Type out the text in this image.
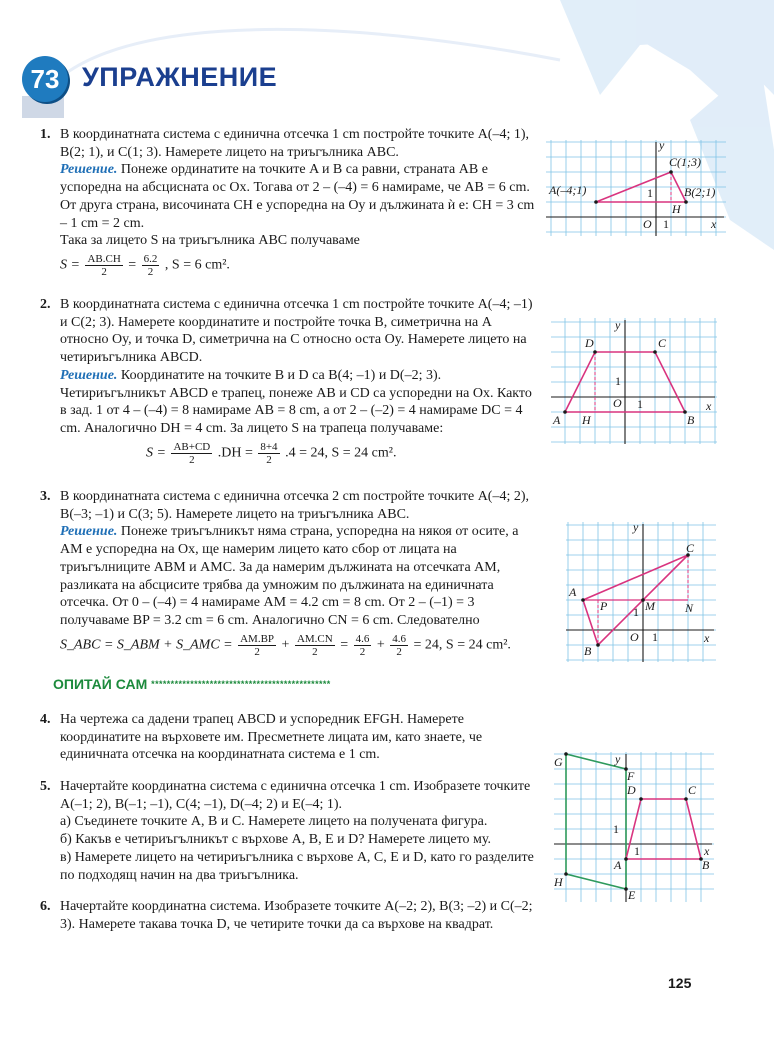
73 УПРАЖНЕНИЕ
1. В координатната система с единична отсечка 1 cm постройте точките A(–4; 1), B(2; 1), и C(1; 3). Намерете лицето на триъгълника ABC.

Решение. Понеже ординатите на точките A и B са равни, страната AB е успоредна на абсцисната ос Ox. Тогава от 2 – (–4) = 6 намираме, че AB = 6 cm.

От друга страна, височината CH е успоредна на Oy и дължината ѝ е: CH = 3 cm – 1 cm = 2 cm.

Така за лицето S на триъгълника ABC получаваме

$S = \frac{AB.CH}{2} = \frac{6.2}{2}$ , S = 6 cm².

2. В координатната система с единична отсечка 1 cm постройте точките A(–4; –1) и C(2; 3). Намерете координатите и постройте точка B, симетрична на A относно Oy, и точка D, симетрична на C относно оста Oy. Намерете лицето на четириъгълника ABCD.

Решение. Координатите на точките B и D са B(4; –1) и D(–2; 3). Четириъгълникът ABCD е трапец, понеже AB и CD са успоредни на Ox. Както в зад. 1 от 4 – (–4) = 8 намираме AB = 8 cm, а от 2 – (–2) = 4 намираме DC = 4 cm. Аналогично DH = 4 cm. За лицето S на трапеца получаваме:

$S = \frac{AB+CD}{2} .DH = \frac{8+4}{2} .4 = 24$, S = 24 cm².

3. В координатната система с единична отсечка 2 cm постройте точките A(–4; 2), B(–3; –1) и C(3; 5). Намерете лицето на триъгълника ABC.

Решение. Понеже триъгълникът няма страна, успоредна на някоя от осите, а AM е успоредна на Ox, ще намерим лицето като сбор от лицата на триъгълниците ABM и AMC. За да намерим дължината на отсечката AM, разликата на абсцисите трябва да умножим по дължината на единичната отсечка. От 0 – (–4) = 4 намираме AM = 4.2 cm = 8 cm. От 2 – (–1) = 3 получаваме BP = 3.2 cm = 6 cm. Аналогично CN = 6 cm. Следователно

S_ABC = S_ABM + S_AMC = $\frac{AM.BP}{2} + \frac{AM.CN}{2} = \frac{4.6}{2} + \frac{4.6}{2} = 24$, S = 24 cm².

ОПИТАЙ САМ **********************************************
4. На чертежа са дадени трапец ABCD и успоредник EFGH. Намерете координатите на върховете им. Пресметнете лицата им, като знаете, че единичната отсечка на координатната система е 1 cm.

5. Начертайте координатна система с единична отсечка 1 cm. Изобразете точките A(–1; 2), B(–1; –1), C(4; –1), D(–4; 2) и E(–4; 1).

а) Съединете точките A, B и C. Намерете лицето на получената фигура.

б) Какъв е четириъгълникът с върхове A, B, E и D? Намерете лицето му.

в) Намерете лицето на четириъгълника с върхове A, C, E и D, като го разделите по подходящ начин на два триъгълника.

6. Начертайте координатна система. Изобразете точките A(–2; 2), B(3; –2) и C(–2; 3). Намерете такава точка D, че четирите точки да са върхове на квадрат.

A(–4;1)	B(2;1)
C(1;3)
H
y
x
O 1
1
A	B
C
D
H
y
x
O 1
1
A
B
C
M	N
P
y
x
O 1
1
A	B
C
D
E
F
G
H
y
x
1
1
125
